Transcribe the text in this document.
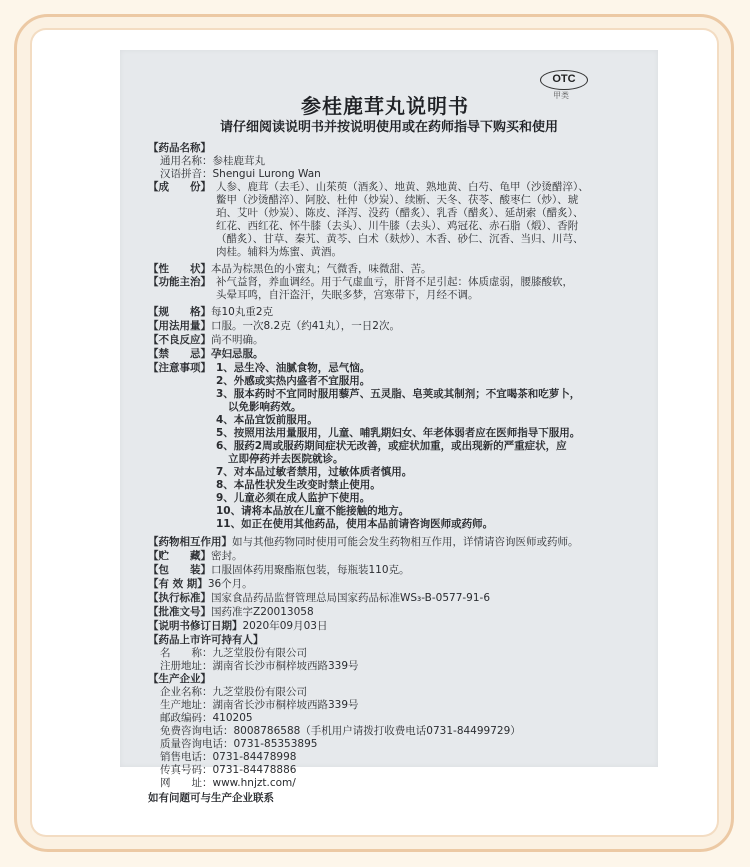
OTC
甲类
参桂鹿茸丸说明书
请仔细阅读说明书并按说明使用或在药师指导下购买和使用
【药品名称】
通用名称：参桂鹿茸丸
汉语拼音：Shengui Lurong Wan
【成　　份】 人参、鹿茸（去毛）、山茱萸（酒炙）、地黄、熟地黄、白芍、龟甲（沙烫醋淬）、
鳖甲（沙烫醋淬）、阿胶、杜仲（炒炭）、续断、天冬、茯苓、酸枣仁（炒）、琥
珀、艾叶（炒炭）、陈皮、泽泻、没药（醋炙）、乳香（醋炙）、延胡索（醋炙）、
红花、西红花、怀牛膝（去头）、川牛膝（去头）、鸡冠花、赤石脂（煅）、香附
（醋炙）、甘草、秦艽、黄芩、白术（麸炒）、木香、砂仁、沉香、当归、川芎、
肉桂。辅料为炼蜜、黄酒。
【性　　状】本品为棕黑色的小蜜丸；气微香，味微甜、苦。
【功能主治】 补气益肾，养血调经。用于气虚血亏，肝肾不足引起：体质虚弱，腰膝酸软，
头晕耳鸣，自汗盗汗，失眠多梦，宫寒带下，月经不调。
【规　　格】每10丸重2克
【用法用量】口服。一次8.2克（约41丸），一日2次。
【不良反应】尚不明确。
【禁　　忌】孕妇忌服。
【注意事项】 1、忌生冷、油腻食物，忌气恼。
2、外感或实热内盛者不宜服用。
3、服本药时不宜同时服用藜芦、五灵脂、皂荚或其制剂；不宜喝茶和吃萝卜，
以免影响药效。
4、本品宜饭前服用。
5、按照用法用量服用，儿童、哺乳期妇女、年老体弱者应在医师指导下服用。
6、服药2周或服药期间症状无改善，或症状加重，或出现新的严重症状，应
立即停药并去医院就诊。
7、对本品过敏者禁用，过敏体质者慎用。
8、本品性状发生改变时禁止使用。
9、儿童必须在成人监护下使用。
10、请将本品放在儿童不能接触的地方。
11、如正在使用其他药品，使用本品前请咨询医师或药师。
【药物相互作用】如与其他药物同时使用可能会发生药物相互作用，详情请咨询医师或药师。
【贮　　藏】密封。
【包　　装】口服固体药用聚酯瓶包装，每瓶装110克。
【有 效 期】36个月。
【执行标准】国家食品药品监督管理总局国家药品标准WS₃-B-0577-91-6
【批准文号】国药准字Z20013058
【说明书修订日期】2020年09月03日
【药品上市许可持有人】
名　　称：九芝堂股份有限公司
注册地址：湖南省长沙市桐梓坡西路339号
【生产企业】
企业名称：九芝堂股份有限公司
生产地址：湖南省长沙市桐梓坡西路339号
邮政编码：410205
免费咨询电话：8008786588（手机用户请拨打收费电话0731-84499729）
质量咨询电话：0731-85353895
销售电话：0731-84478998
传真号码：0731-84478886
网　　址：www.hnjzt.com/
如有问题可与生产企业联系
